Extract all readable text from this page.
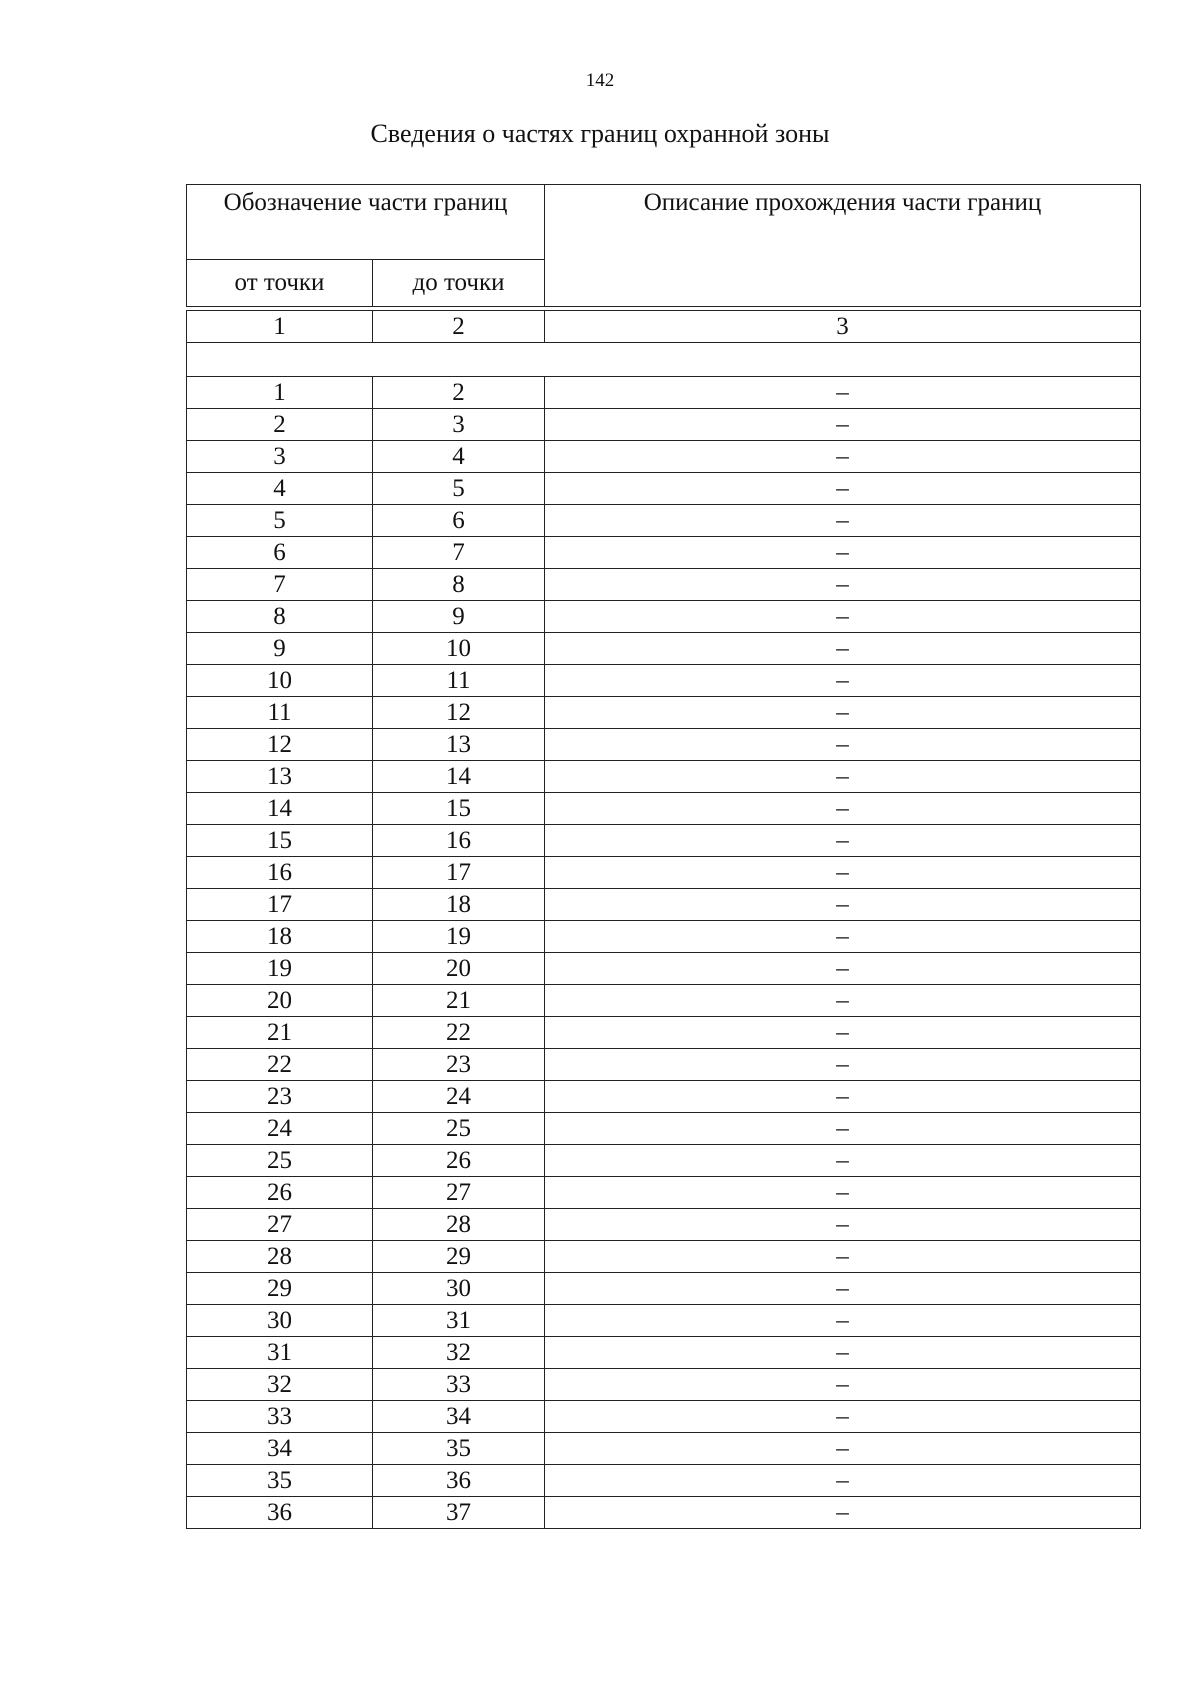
142
Сведения о частях границ охранной зоны
Обозначение части границ		Описание прохождения части границ
от точки	до точки	
1	2	3

1	2	–
2	3	–
3	4	–
4	5	–
5	6	–
6	7	–
7	8	–
8	9	–
9	10	–
10	11	–
11	12	–
12	13	–
13	14	–
14	15	–
15	16	–
16	17	–
17	18	–
18	19	–
19	20	–
20	21	–
21	22	–
22	23	–
23	24	–
24	25	–
25	26	–
26	27	–
27	28	–
28	29	–
29	30	–
30	31	–
31	32	–
32	33	–
33	34	–
34	35	–
35	36	–
36	37	–
